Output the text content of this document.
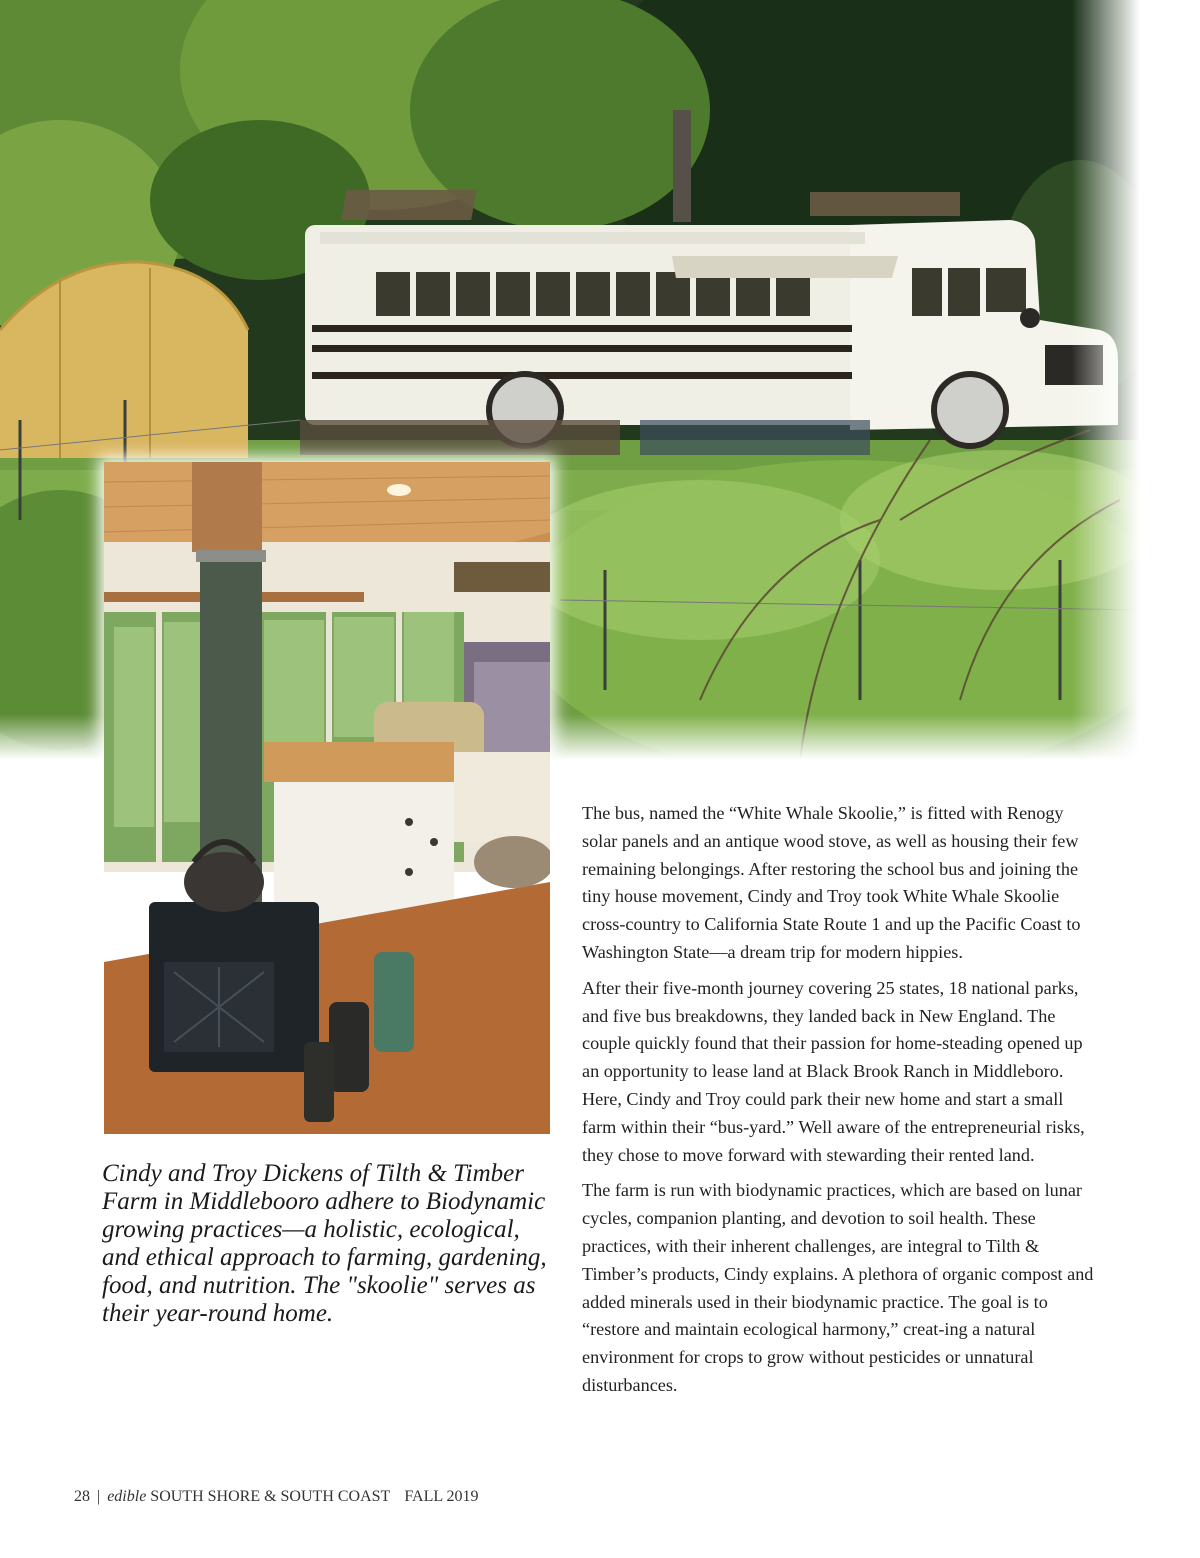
Cindy and Troy Dickens of Tilth & Timber Farm in Middlebooro adhere to Biodynamic growing practices—a holistic, ecological, and ethical approach to farming, gardening, food, and nutrition. The "skoolie" serves as their year-round home.

The bus, named the “White Whale Skoolie,” is fitted with Renogy solar panels and an antique wood stove, as well as housing their few remaining belongings. After restoring the school bus and joining the tiny house movement, Cindy and Troy took White Whale Skoolie cross-country to California State Route 1 and up the Pacific Coast to Washington State—a dream trip for modern hippies.

After their five-month journey covering 25 states, 18 national parks, and five bus breakdowns, they landed back in New England. The couple quickly found that their passion for home-steading opened up an opportunity to lease land at Black Brook Ranch in Middleboro. Here, Cindy and Troy could park their new home and start a small farm within their “bus-yard.” Well aware of the entrepreneurial risks, they chose to move forward with stewarding their rented land.

The farm is run with biodynamic practices, which are based on lunar cycles, companion planting, and devotion to soil health. These practices, with their inherent challenges, are integral to Tilth & Timber’s products, Cindy explains. A plethora of organic compost and added minerals used in their biodynamic practice. The goal is to “restore and maintain ecological harmony,” creat-ing a natural environment for crops to grow without pesticides or unnatural disturbances.

28 | edible SOUTH SHORE & SOUTH COAST FALL 2019
